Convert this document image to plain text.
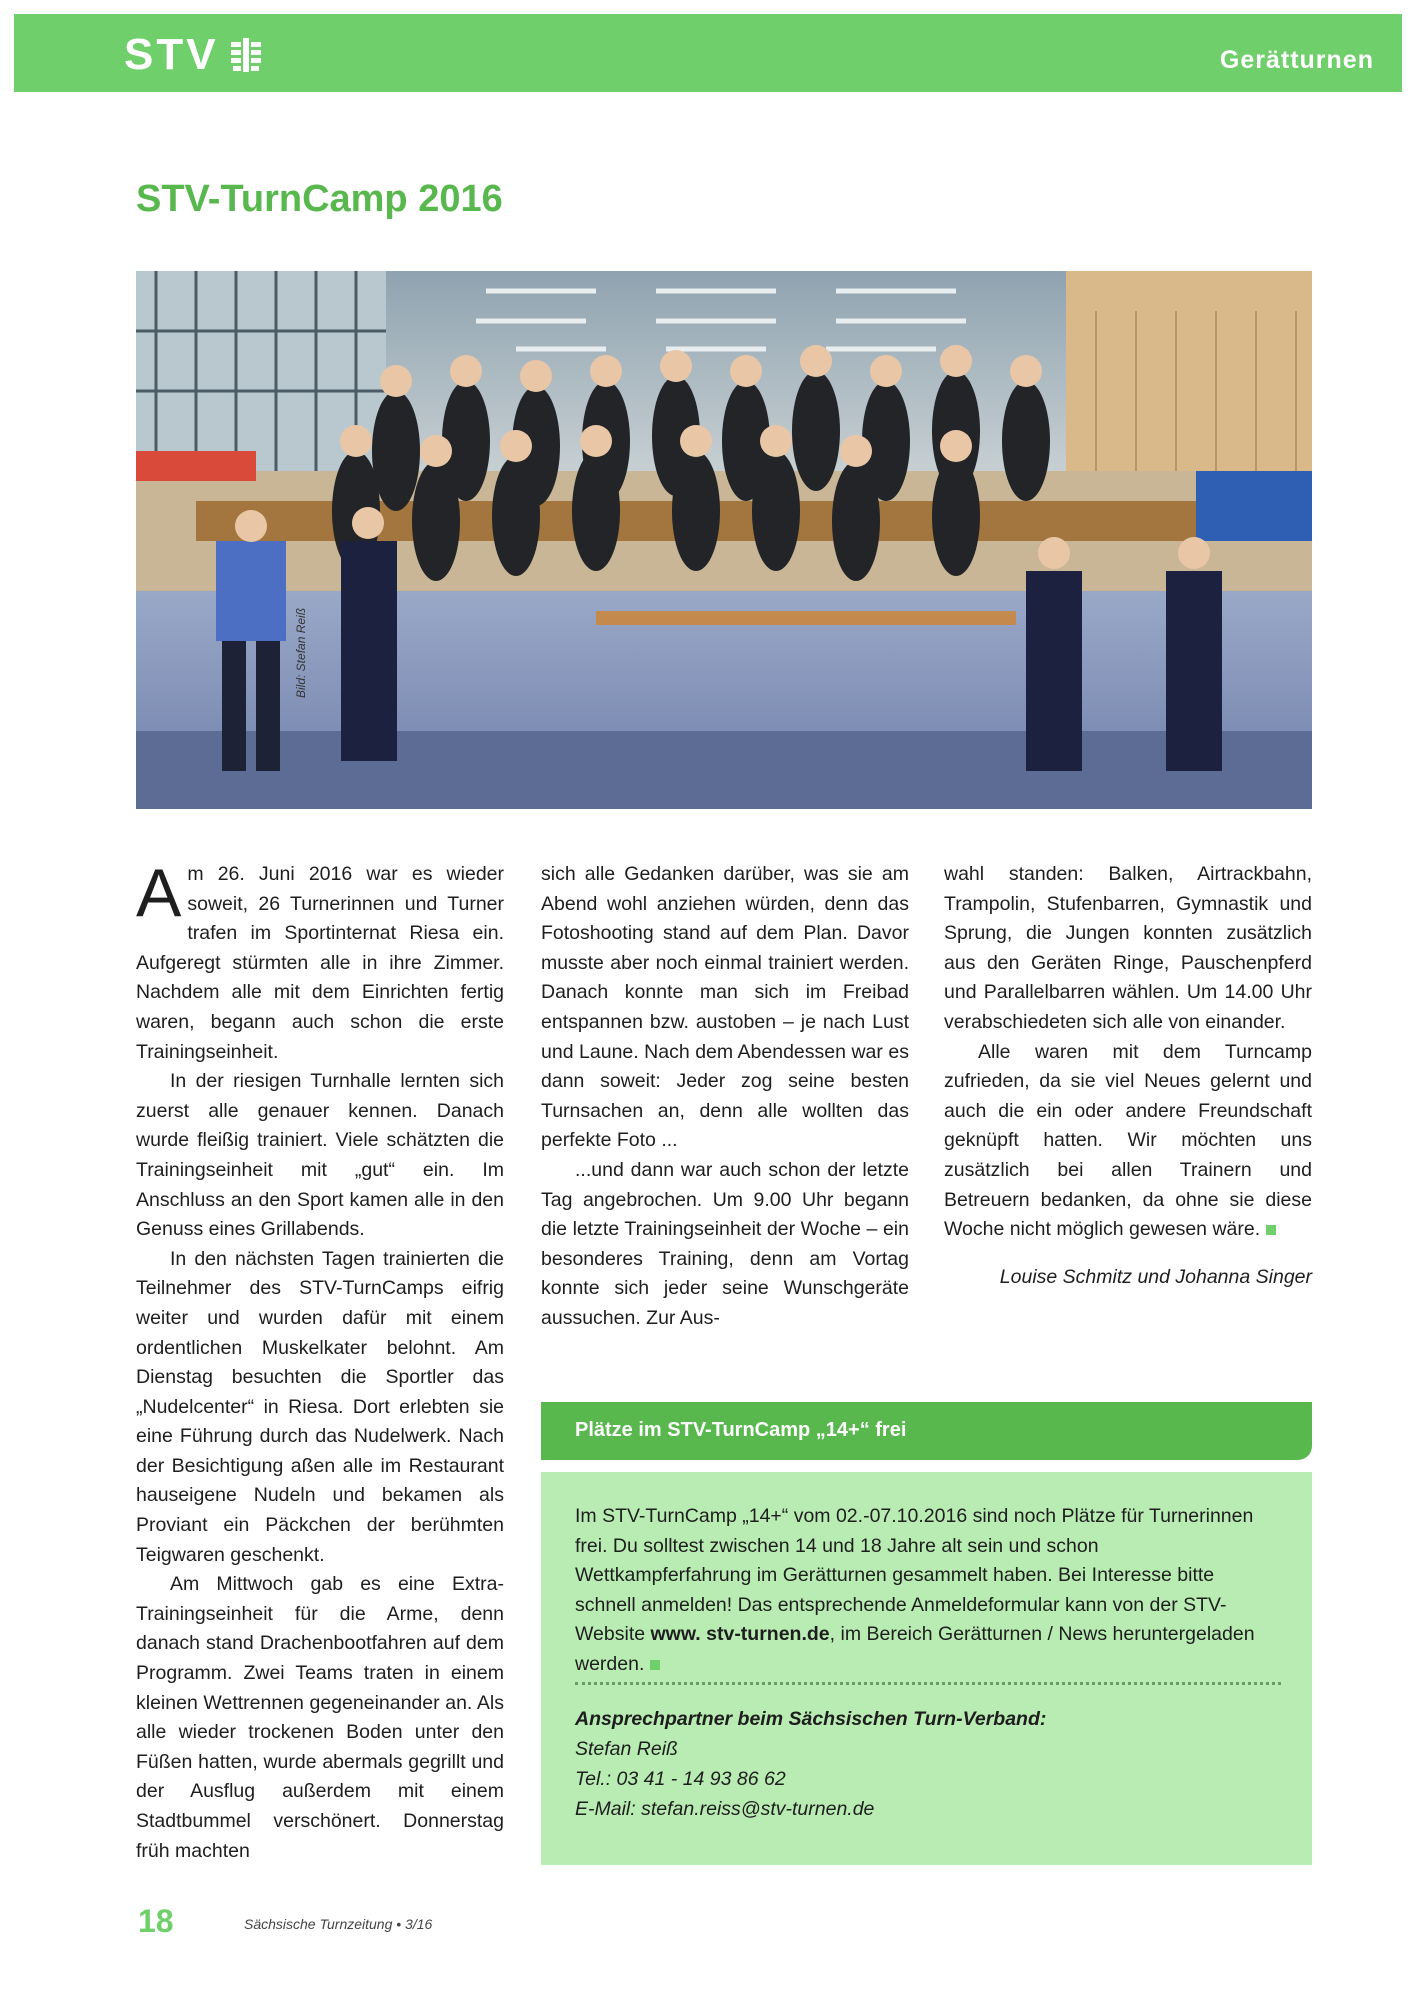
STV	Gerätturnen
STV-TurnCamp 2016
Bild: Stefan Reiß

Am 26. Juni 2016 war es wieder soweit, 26 Turnerinnen und Turner trafen im Sportinternat Riesa ein. Aufgeregt stürmten alle in ihre Zimmer. Nachdem alle mit dem Einrichten fertig waren, begann auch schon die erste Trainingseinheit.

In der riesigen Turnhalle lernten sich zuerst alle genauer kennen. Danach wurde fleißig trainiert. Viele schätzten die Trainingseinheit mit „gut“ ein. Im Anschluss an den Sport kamen alle in den Genuss eines Grillabends.

In den nächsten Tagen trainierten die Teilnehmer des STV-TurnCamps eifrig weiter und wurden dafür mit einem ordentlichen Muskelkater belohnt. Am Dienstag besuchten die Sportler das „Nudelcenter“ in Riesa. Dort erlebten sie eine Führung durch das Nudelwerk. Nach der Besichtigung aßen alle im Restaurant hauseigene Nudeln und bekamen als Proviant ein Päckchen der berühmten Teigwaren geschenkt.

Am Mittwoch gab es eine Extra-Trainingseinheit für die Arme, denn danach stand Drachenbootfahren auf dem Programm. Zwei Teams traten in einem kleinen Wettrennen gegeneinander an. Als alle wieder trockenen Boden unter den Füßen hatten, wurde abermals gegrillt und der Ausflug außerdem mit einem Stadtbummel verschönert. Donnerstag früh machten

sich alle Gedanken darüber, was sie am Abend wohl anziehen würden, denn das Fotoshooting stand auf dem Plan. Davor musste aber noch einmal trainiert werden. Danach konnte man sich im Freibad entspannen bzw. austoben – je nach Lust und Laune. Nach dem Abendessen war es dann soweit: Jeder zog seine besten Turnsachen an, denn alle wollten das perfekte Foto ...

...und dann war auch schon der letzte Tag angebrochen. Um 9.00 Uhr begann die letzte Trainingseinheit der Woche – ein besonderes Training, denn am Vortag konnte sich jeder seine Wunschgeräte aussuchen. Zur Aus-

wahl standen: Balken, Airtrackbahn, Trampolin, Stufenbarren, Gymnastik und Sprung, die Jungen konnten zusätzlich aus den Geräten Ringe, Pauschenpferd und Parallelbarren wählen. Um 14.00 Uhr verabschiedeten sich alle von einander.

Alle waren mit dem Turncamp zufrieden, da sie viel Neues gelernt und auch die ein oder andere Freundschaft geknüpft hatten. Wir möchten uns zusätzlich bei allen Trainern und Betreuern bedanken, da ohne sie diese Woche nicht möglich gewesen wäre.

Louise Schmitz und Johanna Singer

Plätze im STV-TurnCamp „14+“ frei
Im STV-TurnCamp „14+“ vom 02.-07.10.2016 sind noch Plätze für Turnerinnen frei. Du solltest zwischen 14 und 18 Jahre alt sein und schon Wettkampferfahrung im Gerätturnen gesammelt haben. Bei Interesse bitte schnell anmelden! Das entsprechende Anmeldeformular kann von der STV-Website www. stv-turnen.de, im Bereich Gerätturnen / News heruntergeladen werden.
Ansprechpartner beim Sächsischen Turn-Verband:
Stefan Reiß
Tel.: 03 41 - 14 93 86 62
E-Mail: stefan.reiss@stv-turnen.de
18	Sächsische Turnzeitung • 3/16
